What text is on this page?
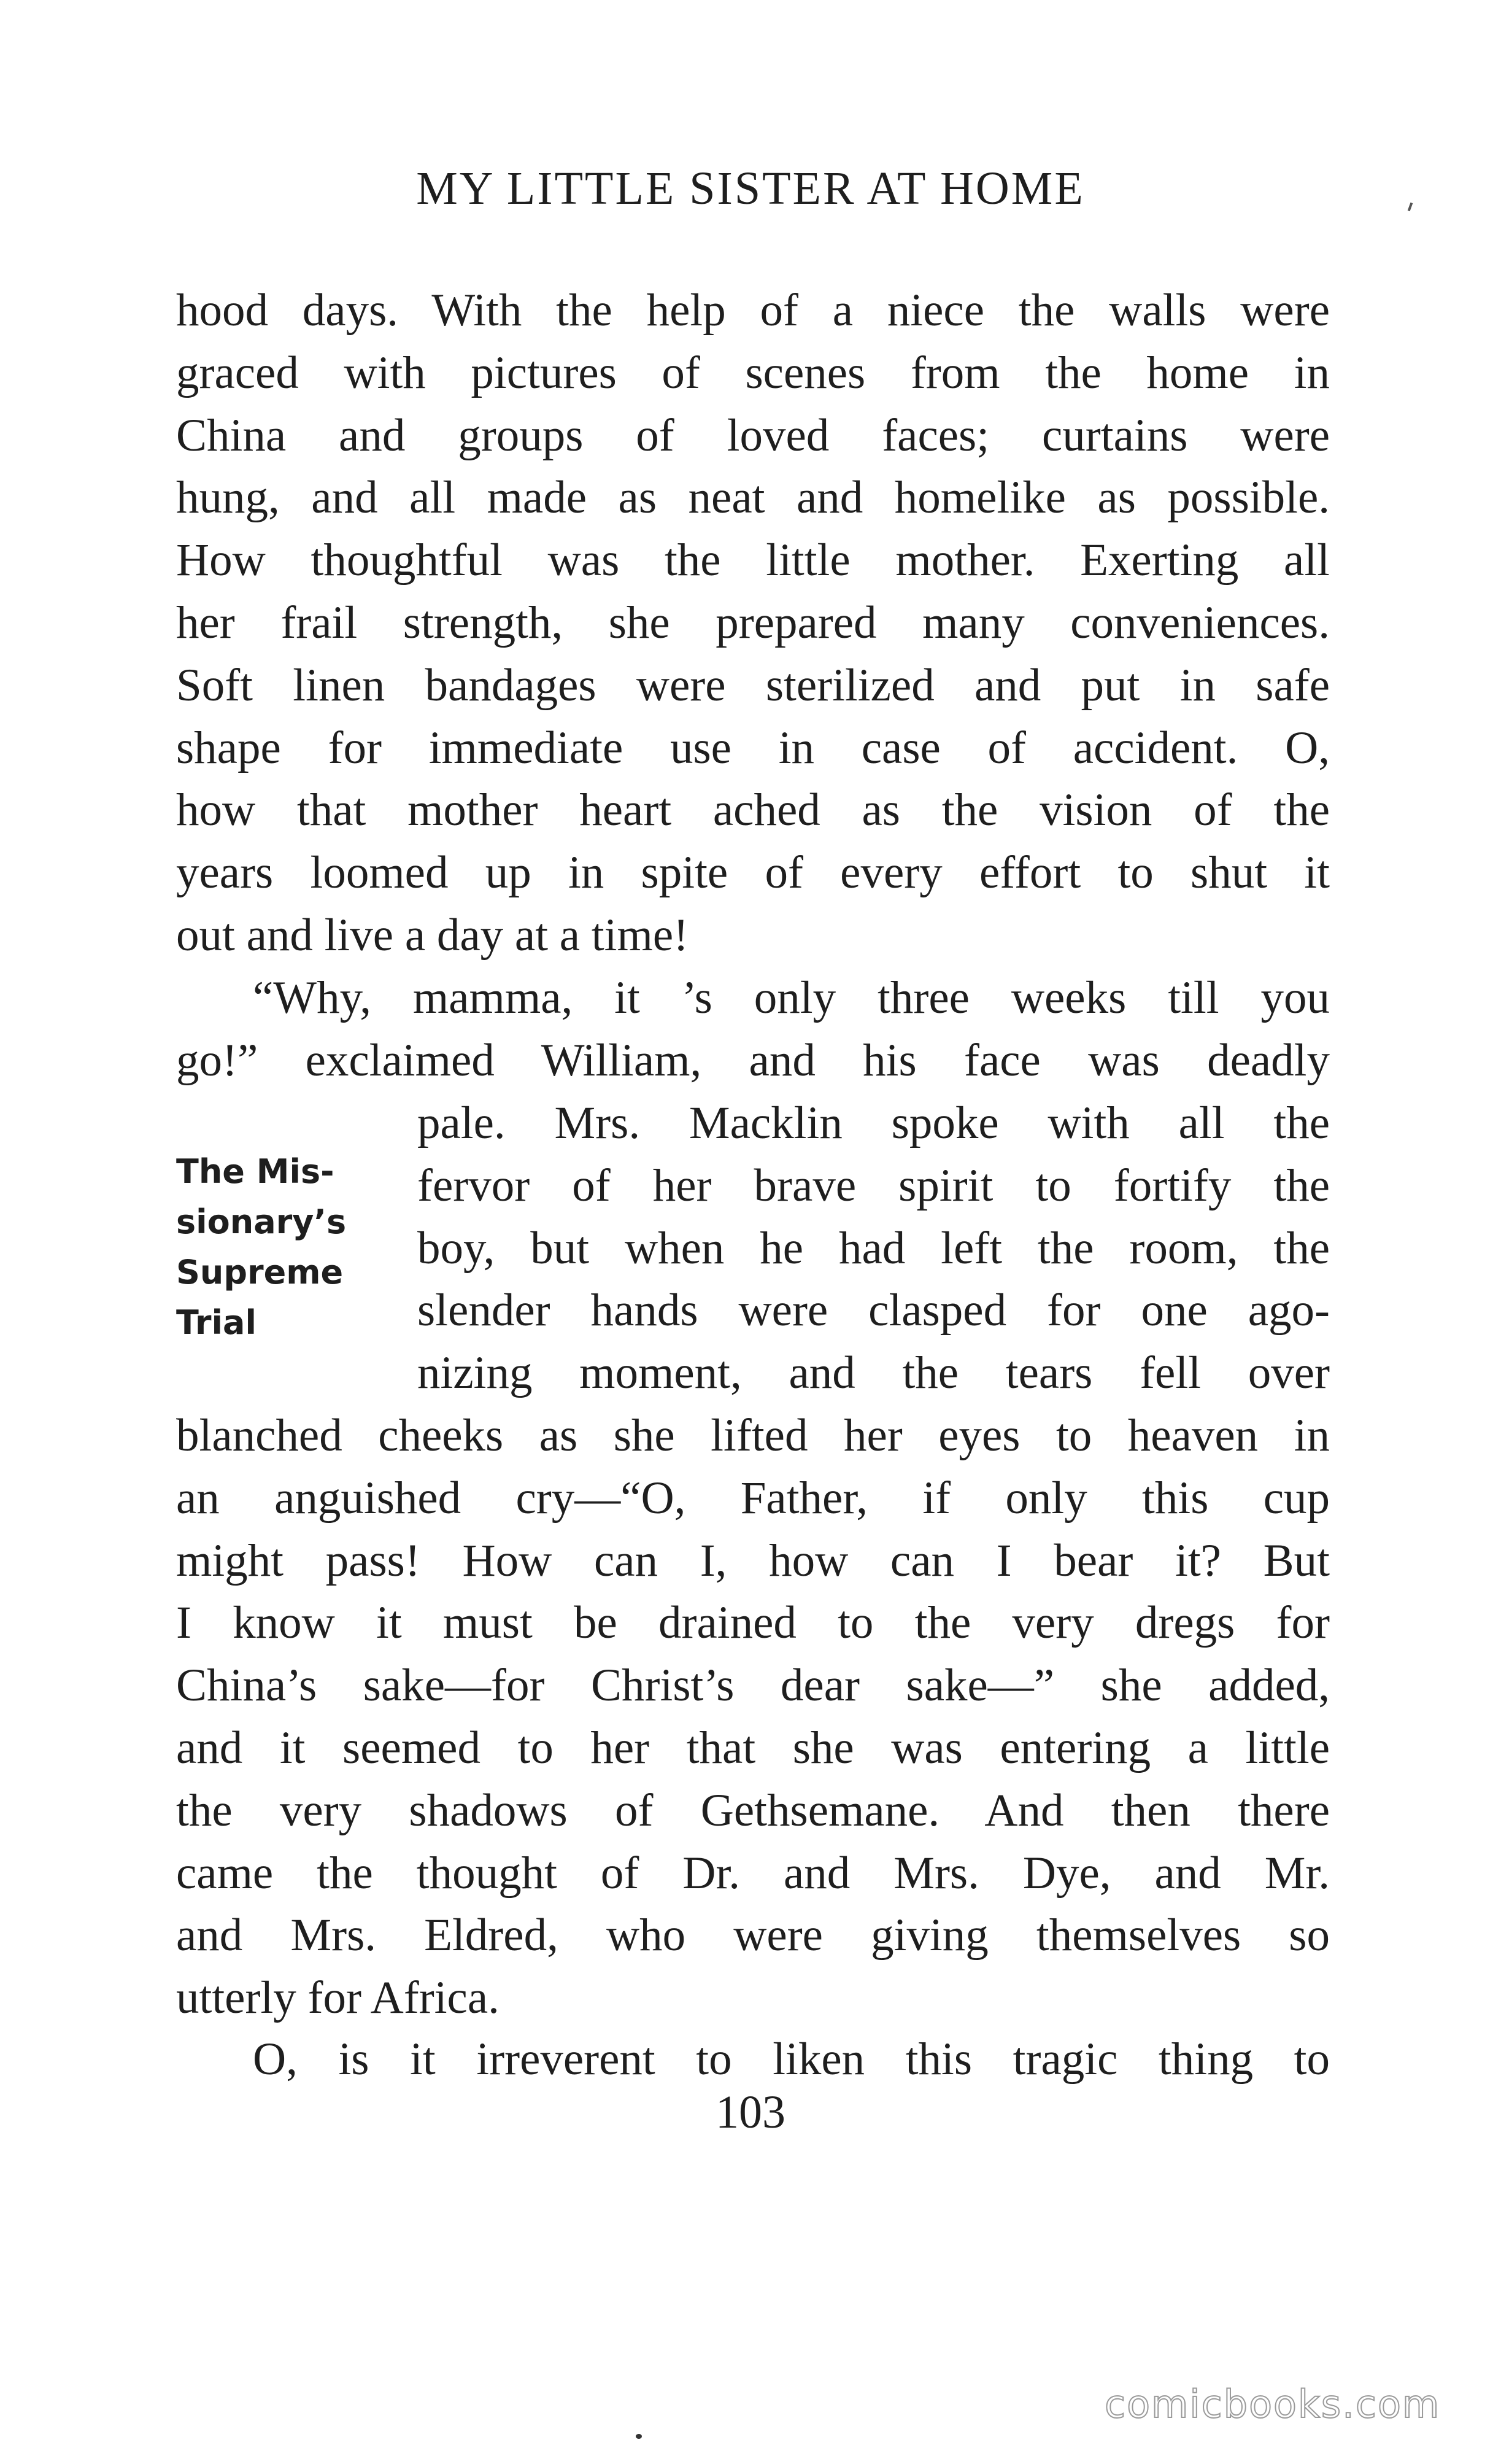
MY LITTLE SISTER AT HOME
hood days. With the help of a niece the walls were
graced with pictures of scenes from the home in
China and groups of loved faces; curtains were
hung, and all made as neat and homelike as possible.
How thoughtful was the little mother. Exerting all
her frail strength, she prepared many conveniences.
Soft linen bandages were sterilized and put in safe
shape for immediate use in case of accident. O,
how that mother heart ached as the vision of the
years loomed up in spite of every effort to shut it
out and live a day at a time!
“Why, mamma, it ’s only three weeks till you
go!” exclaimed William, and his face was deadly
pale. Mrs. Macklin spoke with all the
fervor of her brave spirit to fortify the
boy, but when he had left the room, the
slender hands were clasped for one ago-
nizing moment, and the tears fell over
The Mis-
sionary’s
Supreme
Trial
blanched cheeks as she lifted her eyes to heaven in
an anguished cry—“O, Father, if only this cup
might pass! How can I, how can I bear it? But
I know it must be drained to the very dregs for
China’s sake—for Christ’s dear sake—” she added,
and it seemed to her that she was entering a little
the very shadows of Gethsemane. And then there
came the thought of Dr. and Mrs. Dye, and Mr.
and Mrs. Eldred, who were giving themselves so
utterly for Africa.
O, is it irreverent to liken this tragic thing to
103
comicbooks.com
